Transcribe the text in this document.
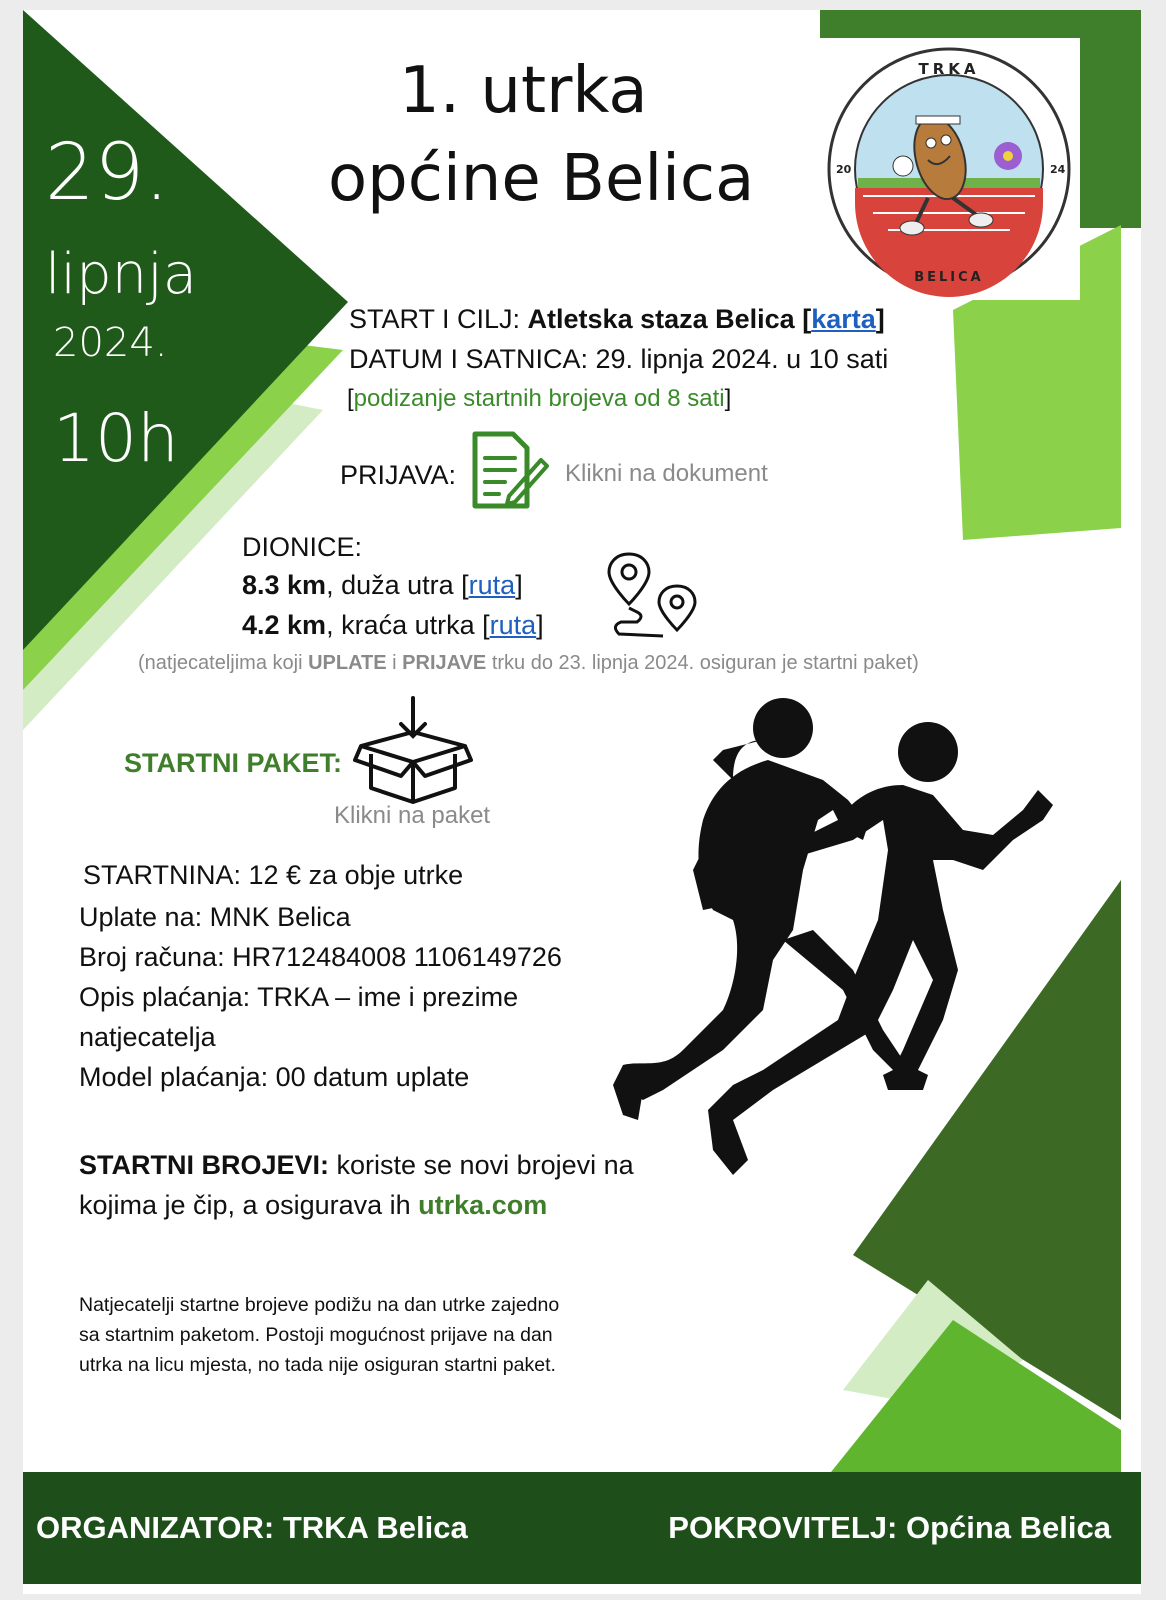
TRKA
BELICA
20	24
1. utrka
općine Belica
29.
lipnja
2024.
10h
START I CILJ: Atletska staza Belica [karta]
DATUM I SATNICA: 29. lipnja 2024. u 10 sati
[podizanje startnih brojeva od 8 sati]
PRIJAVA:	Klikni na dokument
DIONICE:
8.3 km, duža utra [ruta]
4.2 km, kraća utrka [ruta]
(natjecateljima koji UPLATE i PRIJAVE trku do 23. lipnja 2024. osiguran je startni paket)
STARTNI PAKET:
Klikni na paket
STARTNINA: 12 € za obje utrke
Uplate na: MNK Belica
Broj računa: HR712484008 1106149726
Opis plaćanja: TRKA – ime i prezime
natjecatelja
Model plaćanja: 00 datum uplate
STARTNI BROJEVI: koriste se novi brojevi na
kojima je čip, a osigurava ih utrka.com
Natjecatelji startne brojeve podižu na dan utrke zajedno
sa startnim paketom. Postoji mogućnost prijave na dan
utrka na licu mjesta, no tada nije osiguran startni paket.
ORGANIZATOR: TRKA Belica	POKROVITELJ: Općina Belica
